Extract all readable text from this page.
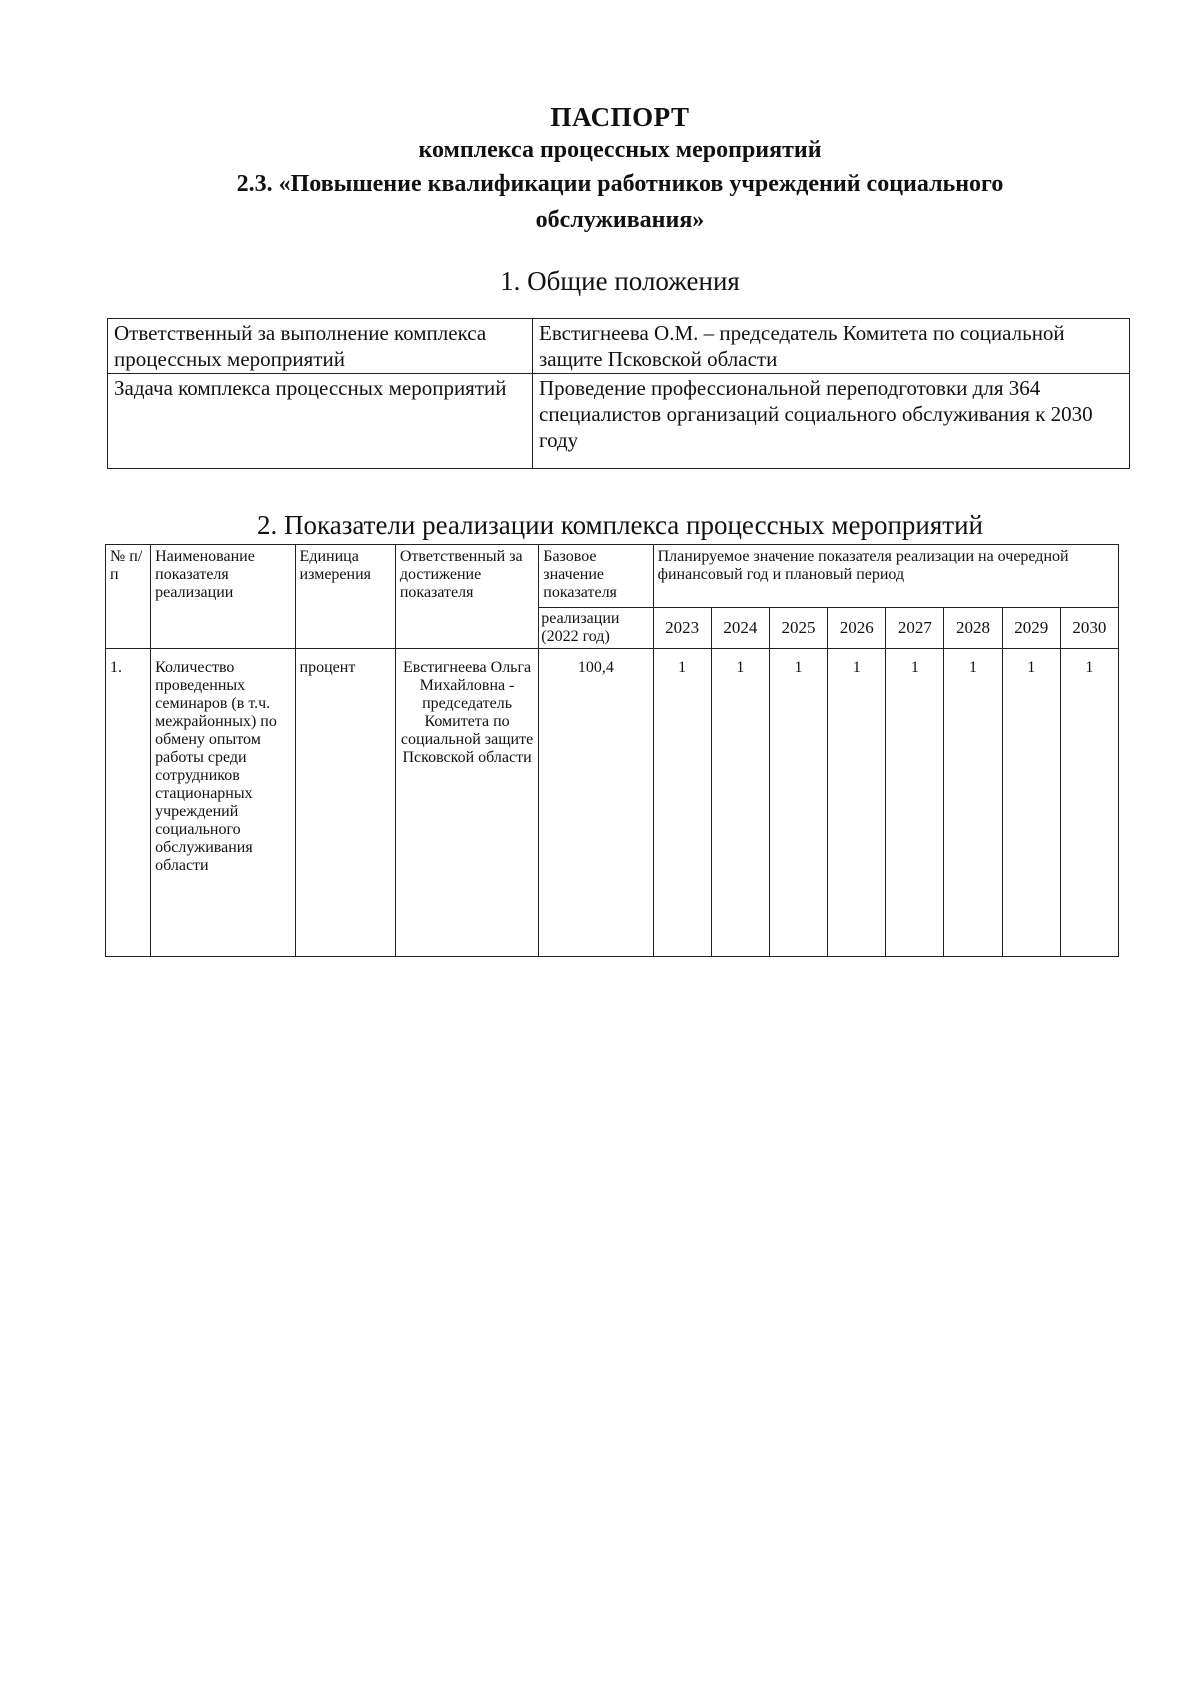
ПАСПОРТ
комплекса процессных мероприятий
2.3. «Повышение квалификации работников учреждений социального
обслуживания»
1. Общие положения
Ответственный за выполнение комплекса процессных мероприятий	Евстигнеева О.М. – председатель Комитета по социальной защите Псковской области
Задача комплекса процессных мероприятий	Проведение профессиональной переподготовки для 364 специалистов организаций социального обслуживания к 2030 году
2. Показатели реализации комплекса процессных мероприятий
№ п/п	Наименование показателя реализации	Единица измерения	Ответственный за достижение показателя	Базовое значение показателя	Планируемое значение показателя реализации на очередной финансовый год и плановый период							
				реализации (2022 год)	2023	2024	2025	2026	2027	2028	2029	2030
1.	Количество проведенных семинаров (в т.ч. межрайонных) по обмену опытом работы среди сотрудников стационарных учреждений социального обслуживания области	процент	Евстигнеева Ольга Михайловна - председатель Комитета по социальной защите Псковской области	100,4	1	1	1	1	1	1	1	1
